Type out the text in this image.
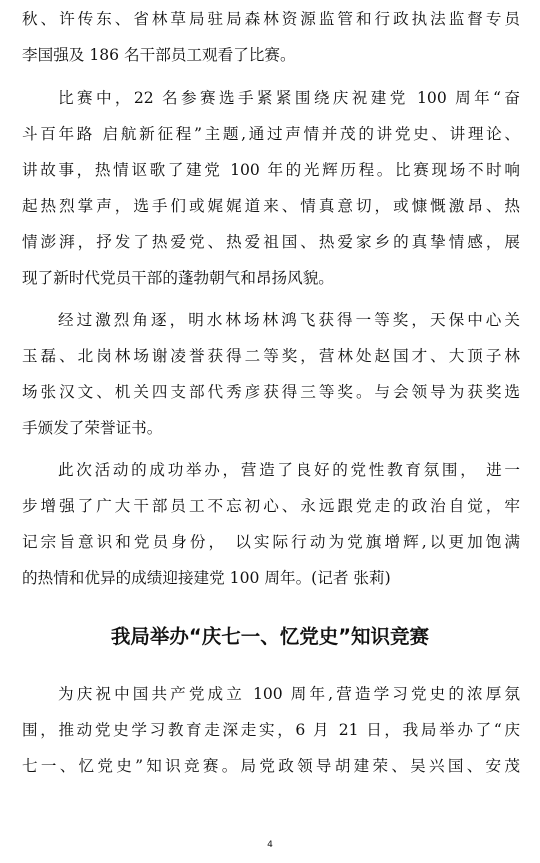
秋、许传东、省林草局驻局森林资源监管和行政执法监督专员
李国强及 186 名干部员工观看了比赛。
比赛中，22 名参赛选手紧紧围绕庆祝建党 100 周年“奋
斗百年路 启航新征程”主题,通过声情并茂的讲党史、讲理论、
讲故事，热情讴歌了建党 100 年的光辉历程。比赛现场不时响
起热烈掌声，选手们或娓娓道来、情真意切，或慷慨激昂、热
情澎湃，抒发了热爱党、热爱祖国、热爱家乡的真挚情感，展
现了新时代党员干部的蓬勃朝气和昂扬风貌。
经过激烈角逐，明水林场林鸿飞获得一等奖，天保中心关
玉磊、北岗林场谢凌誉获得二等奖，营林处赵国才、大顶子林
场张汉文、机关四支部代秀彦获得三等奖。与会领导为获奖选
手颁发了荣誉证书。
此次活动的成功举办，营造了良好的党性教育氛围， 进一
步增强了广大干部员工不忘初心、永远跟党走的政治自觉，牢
记宗旨意识和党员身份， 以实际行动为党旗增辉,以更加饱满
的热情和优异的成绩迎接建党 100 周年。(记者 张莉)
我局举办“庆七一、忆党史”知识竞赛
为庆祝中国共产党成立 100 周年,营造学习党史的浓厚氛
围，推动党史学习教育走深走实，6 月 21 日，我局举办了“庆
七一、忆党史”知识竞赛。局党政领导胡建荣、吴兴国、安茂
4
